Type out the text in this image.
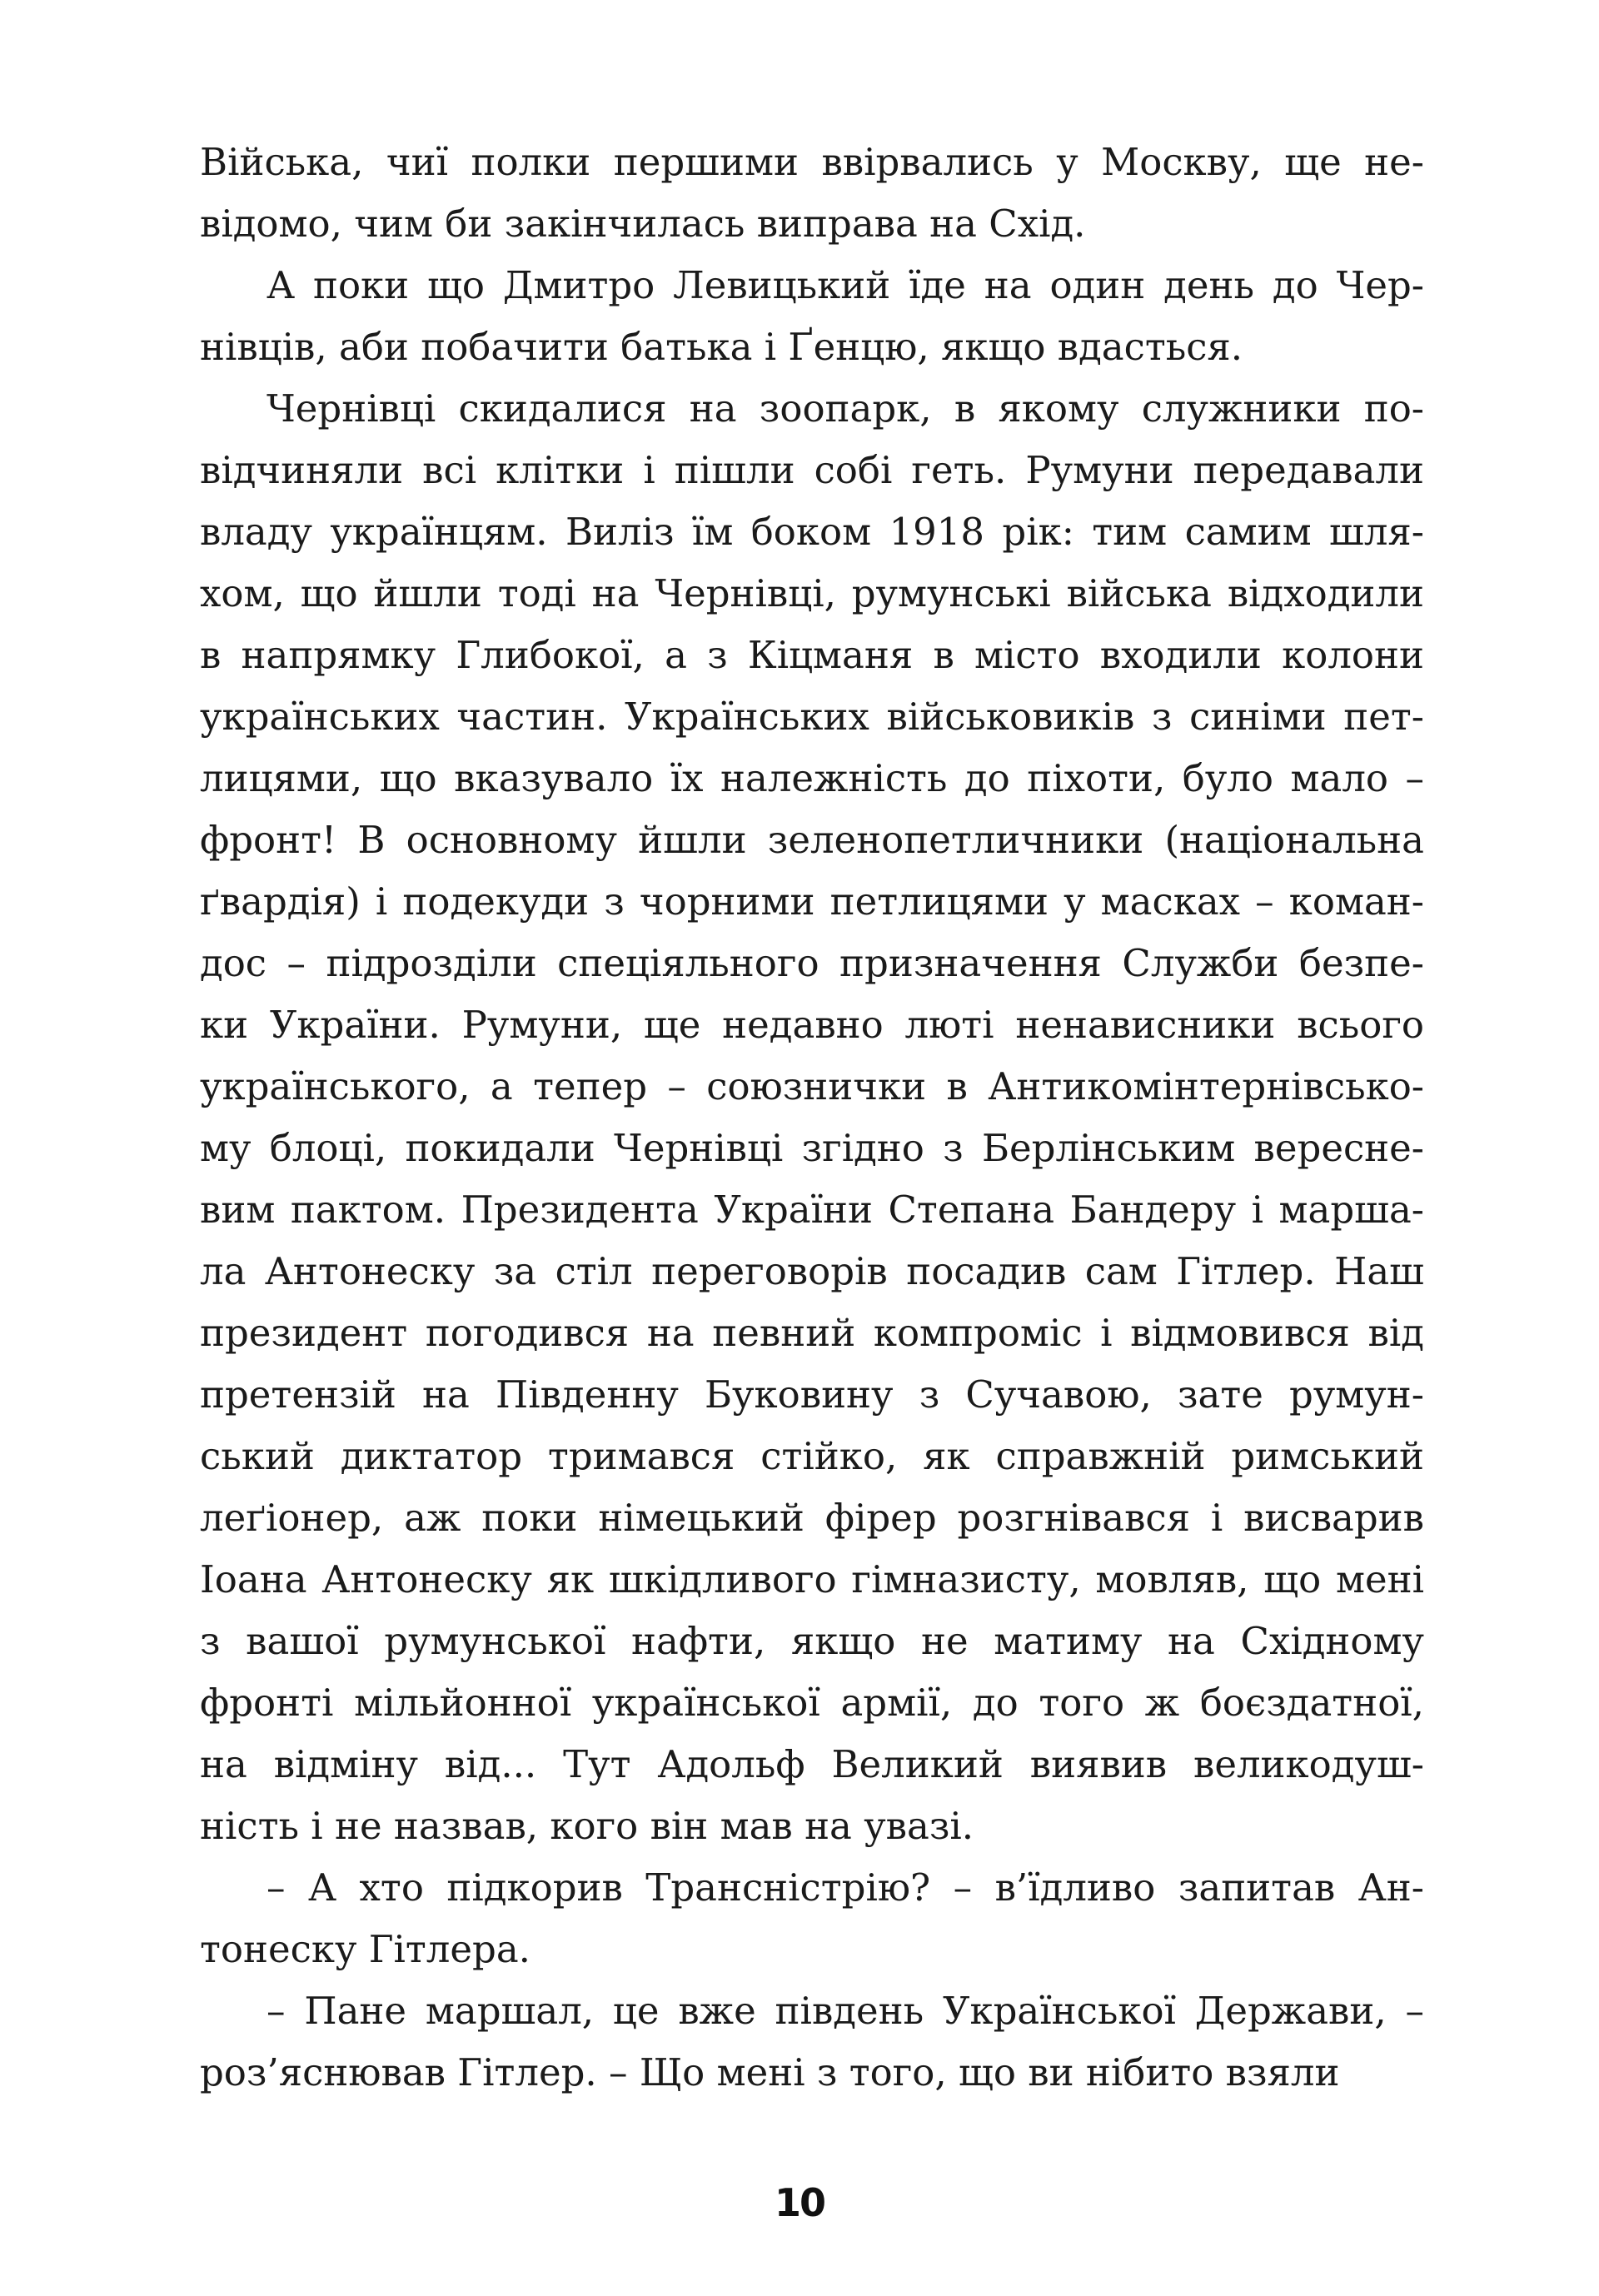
Війська, чиї полки першими ввірвались у Москву, ще не-
відомо, чим би закінчилась виправа на Схід.
А поки що Дмитро Левицький їде на один день до Чер-
нівців, аби побачити батька і Ґенцю, якщо вдасться.
Чернівці скидалися на зоопарк, в якому служники по-
відчиняли всі клітки і пішли собі геть. Румуни передавали
владу українцям. Виліз їм боком 1918 рік: тим самим шля-
хом, що йшли тоді на Чернівці, румунські війська відходили
в напрямку Глибокої, а з Кіцманя в місто входили колони
українських частин. Українських військовиків з синіми пет-
лицями, що вказувало їх належність до піхоти, було мало –
фронт! В основному йшли зеленопетличники (національна
ґвардія) і подекуди з чорними петлицями у масках – коман-
дос – підрозділи спеціяльного призначення Служби безпе-
ки України. Румуни, ще недавно люті ненависники всього
українського, а тепер – союзнички в Антикомінтернівсько-
му блоці, покидали Чернівці згідно з Берлінським вересне-
вим пактом. Президента України Степана Бандеру і марша-
ла Антонеску за стіл переговорів посадив сам Гітлер. Наш
президент погодився на певний компроміс і відмовився від
претензій на Південну Буковину з Сучавою, зате румун-
ський диктатор тримався стійко, як справжній римський
леґіонер, аж поки німецький фірер розгнівався і висварив
Іоана Антонеску як шкідливого гімназисту, мовляв, що мені
з вашої румунської нафти, якщо не матиму на Східному
фронті мільйонної української армії, до того ж боєздатної,
на відміну від... Тут Адольф Великий виявив великодуш-
ність і не назвав, кого він мав на увазі.
– А хто підкорив Трансністрію? – в’їдливо запитав Ан-
тонеску Гітлера.
– Пане маршал, це вже південь Української Держави, –
роз’яснював Гітлер. – Що мені з того, що ви нібито взяли
10
